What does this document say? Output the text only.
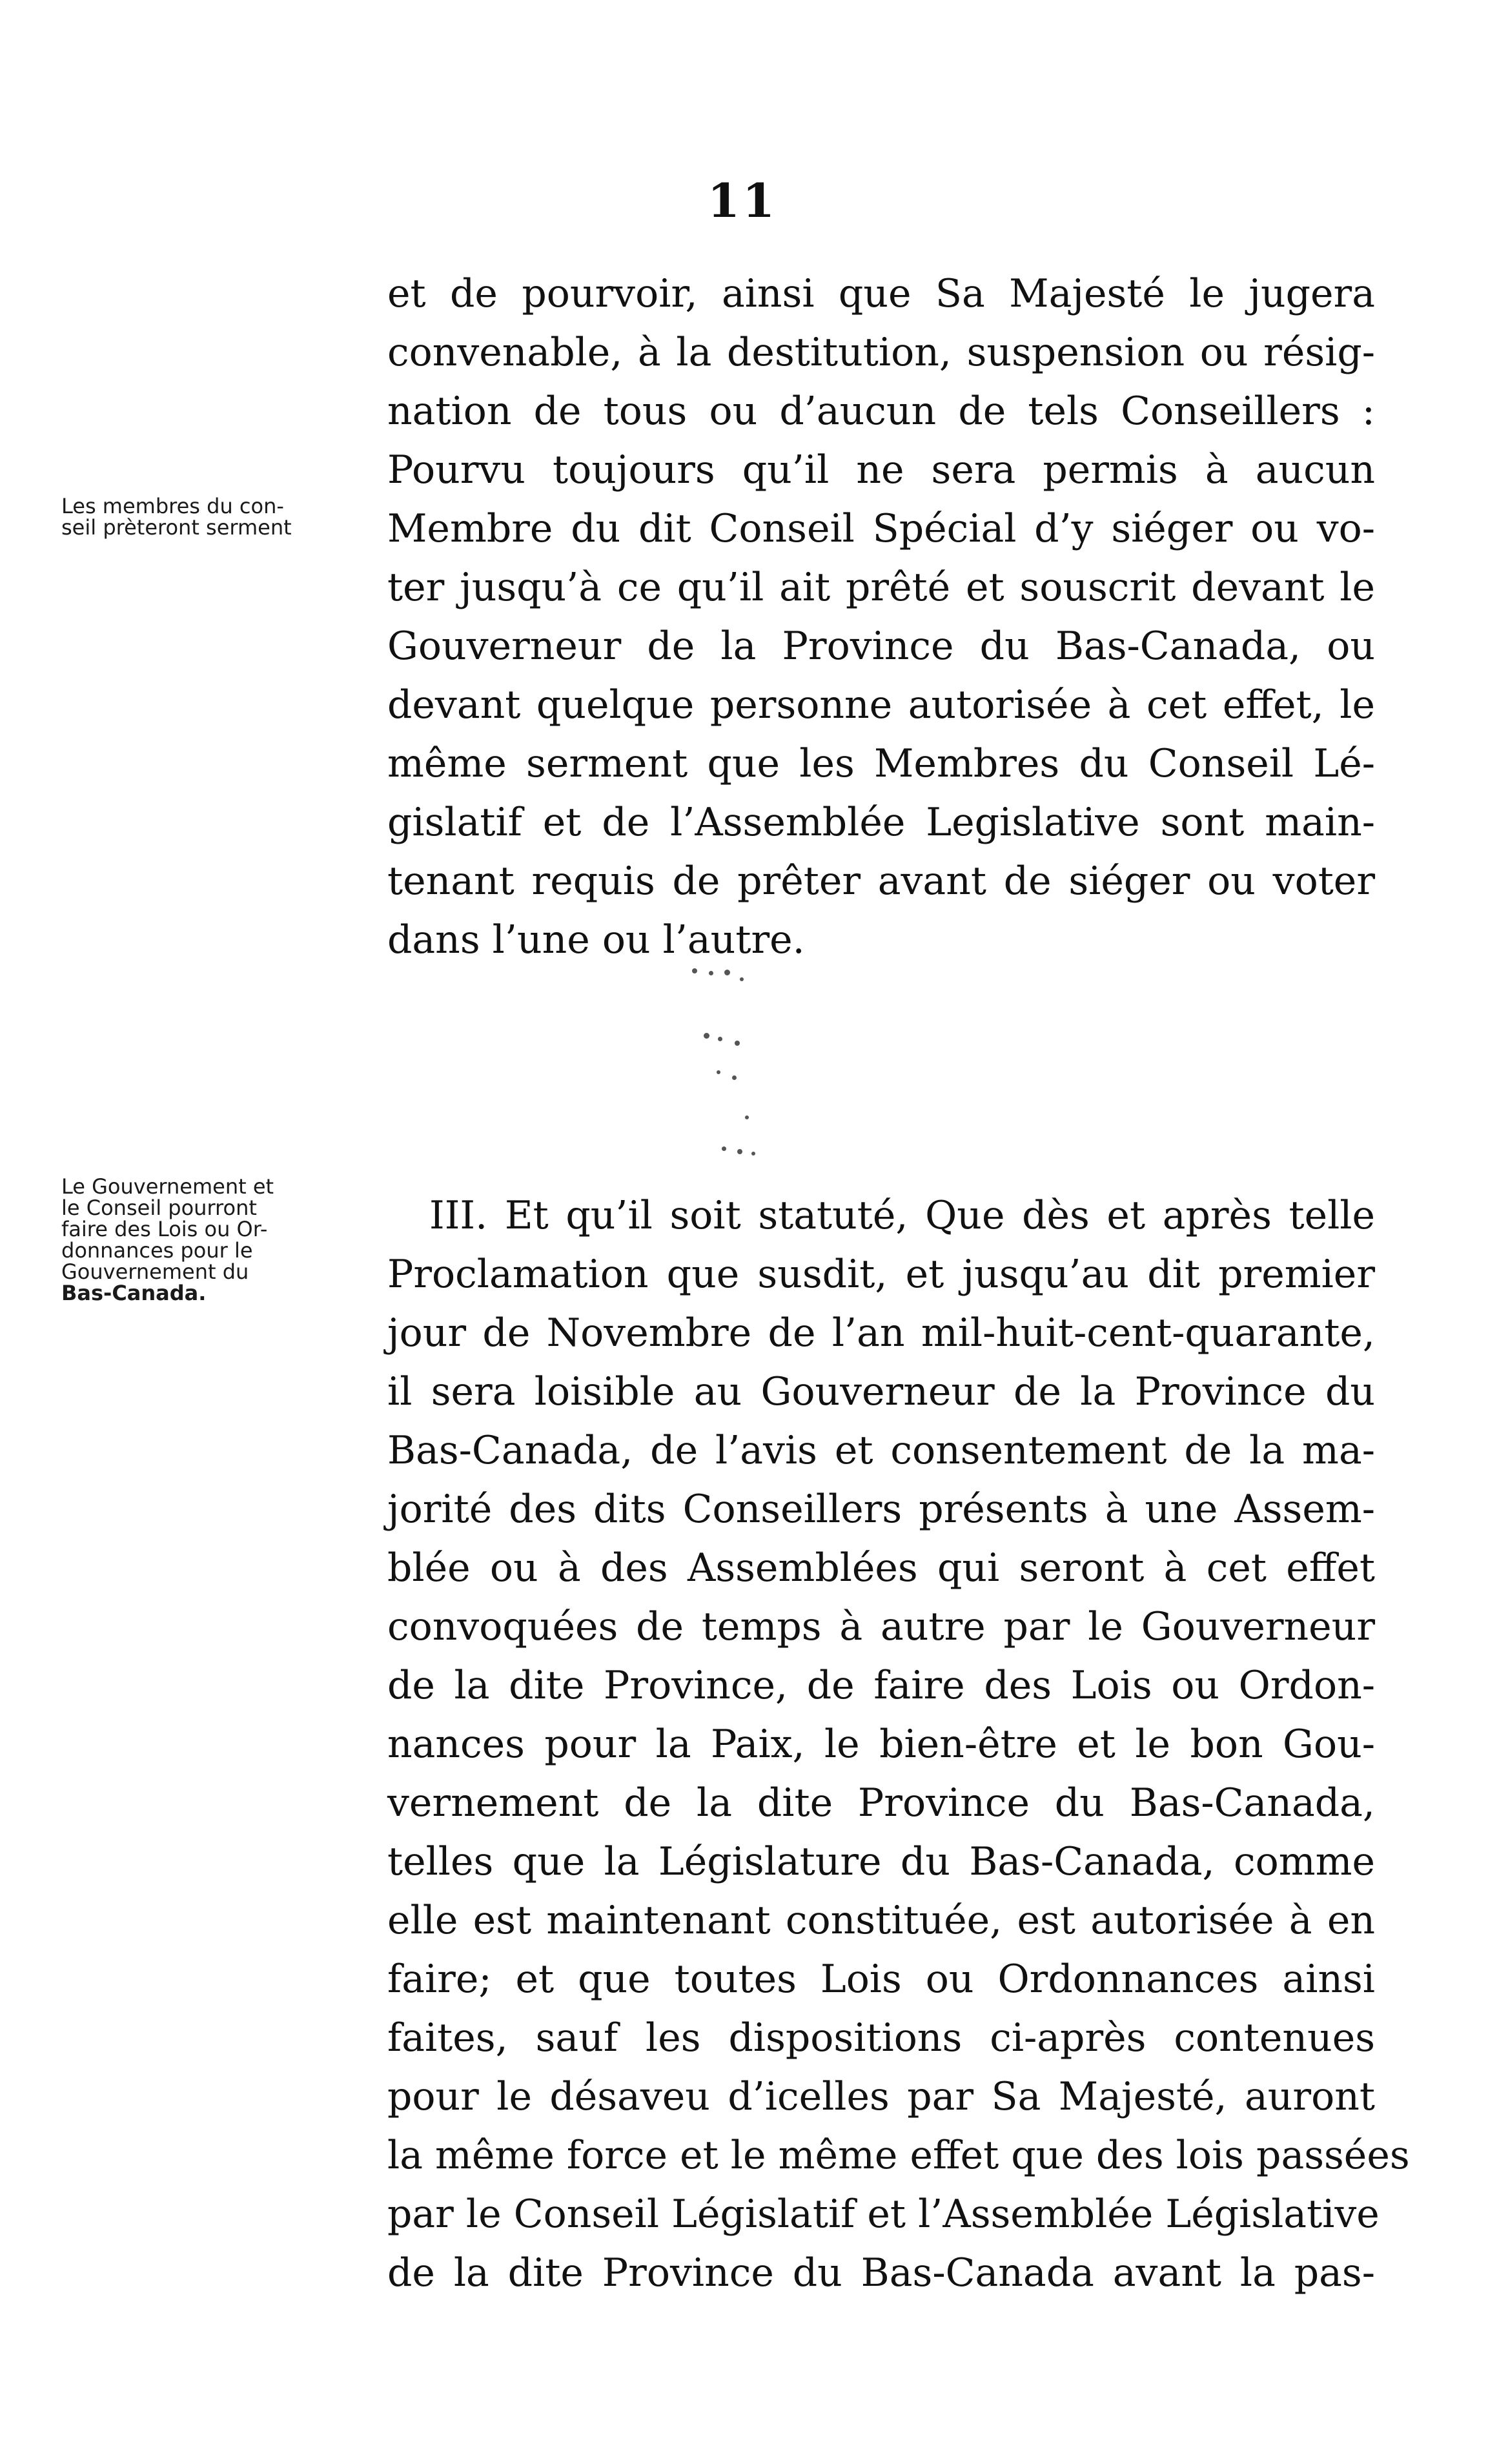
11
et de pourvoir, ainsi que Sa Majesté le jugera
convenable, à la destitution, suspension ou résig-
nation de tous ou d’aucun de tels Conseillers :
Pourvu toujours qu’il ne sera permis à aucun
Membre du dit Conseil Spécial d’y siéger ou vo-
ter jusqu’à ce qu’il ait prêté et souscrit devant le
Gouverneur de la Province du Bas-Canada, ou
devant quelque personne autorisée à cet effet, le
même serment que les Membres du Conseil Lé-
gislatif et de l’Assemblée Legislative sont main-
tenant requis de prêter avant de siéger ou voter
dans l’une ou l’autre.
Les membres du con-
seil prèteront serment
Le Gouvernement et
le Conseil pourront
faire des Lois ou Or-
donnances pour le
Gouvernement du
Bas-Canada.
III. Et qu’il soit statuté, Que dès et après telle
Proclamation que susdit, et jusqu’au dit premier
jour de Novembre de l’an mil-huit-cent-quarante,
il sera loisible au Gouverneur de la Province du
Bas-Canada, de l’avis et consentement de la ma-
jorité des dits Conseillers présents à une Assem-
blée ou à des Assemblées qui seront à cet effet
convoquées de temps à autre par le Gouverneur
de la dite Province, de faire des Lois ou Ordon-
nances pour la Paix, le bien-être et le bon Gou-
vernement de la dite Province du Bas-Canada,
telles que la Législature du Bas-Canada, comme
elle est maintenant constituée, est autorisée à en
faire; et que toutes Lois ou Ordonnances ainsi
faites, sauf les dispositions ci-après contenues
pour le désaveu d’icelles par Sa Majesté, auront
la même force et le même effet que des lois passées
par le Conseil Législatif et l’Assemblée Législative
de la dite Province du Bas-Canada avant la pas-
